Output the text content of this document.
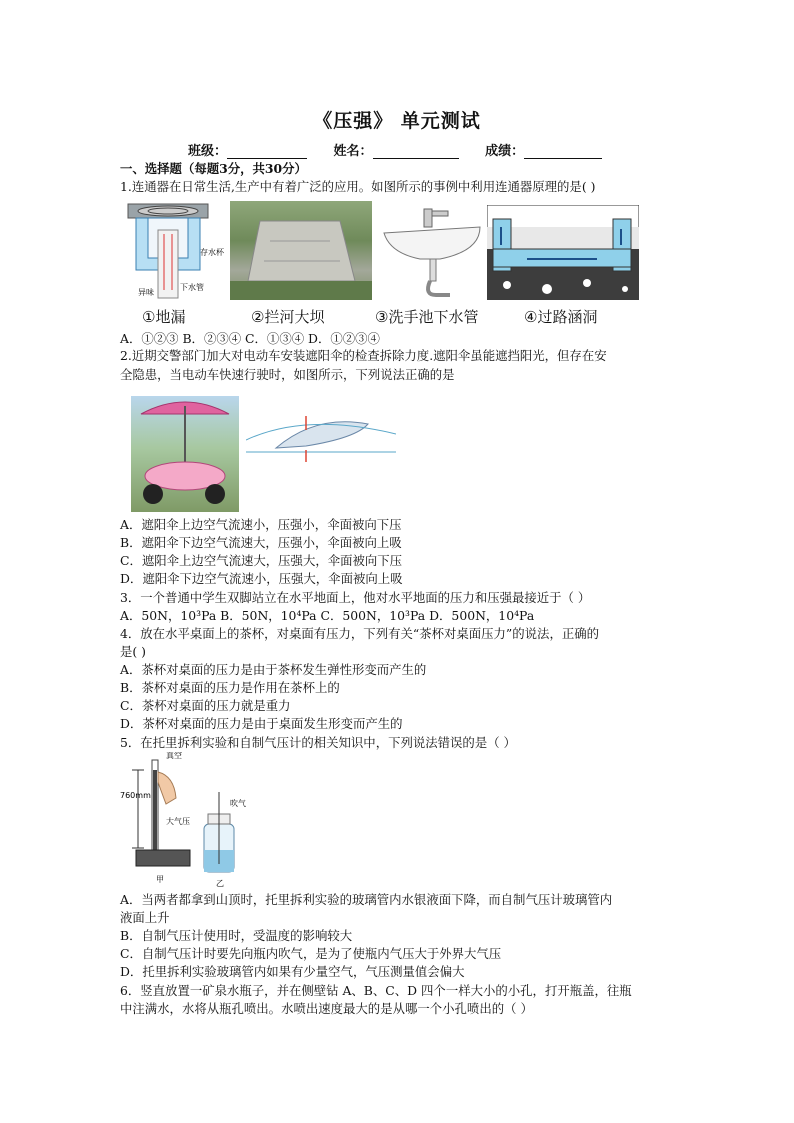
《压强》 单元测试
班级：	姓名：	成绩：
一、选择题（每题3分，共30分）
1.连通器在日常生活,生产中有着广泛的应用。如图所示的事例中利用连通器原理的是( )
存水杯
下水管
异味
①地漏	②拦河大坝	③洗手池下水管	④过路涵洞
A．①②③ B．②③④ C．①③④ D．①②③④
2.近期交警部门加大对电动车安装遮阳伞的检查拆除力度.遮阳伞虽能遮挡阳光，但存在安
全隐患，当电动车快速行驶时，如图所示，下列说法正确的是
A．遮阳伞上边空气流速小，压强小，伞面被向下压
B．遮阳伞下边空气流速大，压强小，伞面被向上吸
C．遮阳伞上边空气流速大，压强大，伞面被向下压
D．遮阳伞下边空气流速小，压强大，伞面被向上吸
3．一个普通中学生双脚站立在水平地面上，他对水平地面的压力和压强最接近于（ ）
A．50N，10³Pa B．50N，10⁴Pa C．500N，10³Pa D．500N，10⁴Pa
4．放在水平桌面上的茶杯，对桌面有压力，下列有关“茶杯对桌面压力”的说法，正确的
是( )
A．茶杯对桌面的压力是由于茶杯发生弹性形变而产生的
B．茶杯对桌面的压力是作用在茶杯上的
C．茶杯对桌面的压力就是重力
D．茶杯对桌面的压力是由于桌面发生形变而产生的
5．在托里拆利实验和自制气压计的相关知识中，下列说法错误的是（ ）
真空
760mm
大气压
甲
吹气
乙
A．当两者都拿到山顶时，托里拆利实验的玻璃管内水银液面下降，而自制气压计玻璃管内
液面上升
B．自制气压计使用时，受温度的影响较大
C．自制气压计时要先向瓶内吹气，是为了使瓶内气压大于外界大气压
D．托里拆利实验玻璃管内如果有少量空气，气压测量值会偏大
6．竖直放置一矿泉水瓶子，并在侧壁钻 A、B、C、D 四个一样大小的小孔，打开瓶盖，往瓶
中注满水，水将从瓶孔喷出。水喷出速度最大的是从哪一个小孔喷出的（ ）
